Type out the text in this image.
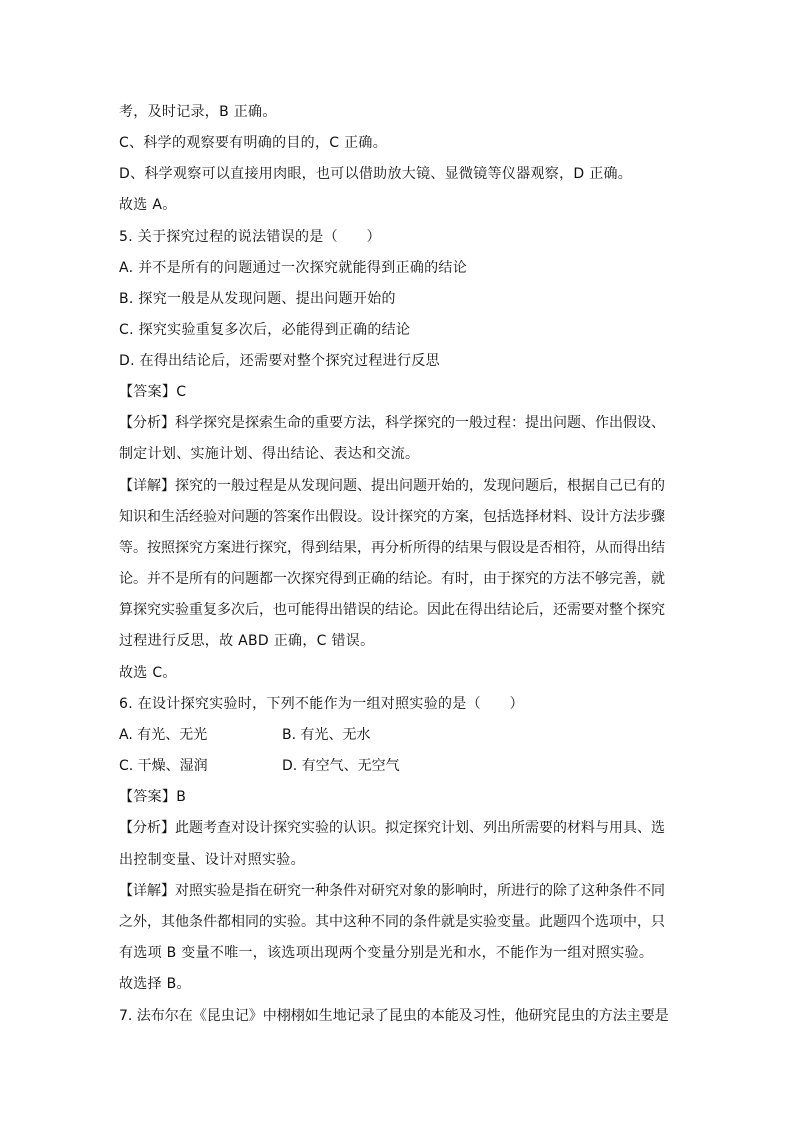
考，及时记录，B 正确。
C、科学的观察要有明确的目的，C 正确。
D、科学观察可以直接用肉眼，也可以借助放大镜、显微镜等仪器观察，D 正确。
故选 A。
5. 关于探究过程的说法错误的是（　　）
A. 并不是所有的问题通过一次探究就能得到正确的结论
B. 探究一般是从发现问题、提出问题开始的
C. 探究实验重复多次后，必能得到正确的结论
D. 在得出结论后，还需要对整个探究过程进行反思
【答案】C
【分析】科学探究是探索生命的重要方法，科学探究的一般过程：提出问题、作出假设、
制定计划、实施计划、得出结论、表达和交流。
【详解】探究的一般过程是从发现问题、提出问题开始的，发现问题后，根据自己已有的
知识和生活经验对问题的答案作出假设。设计探究的方案，包括选择材料、设计方法步骤
等。按照探究方案进行探究，得到结果，再分析所得的结果与假设是否相符，从而得出结
论。并不是所有的问题都一次探究得到正确的结论。有时，由于探究的方法不够完善，就
算探究实验重复多次后，也可能得出错误的结论。因此在得出结论后，还需要对整个探究
过程进行反思，故 ABD 正确，C 错误。
故选 C。
6. 在设计探究实验时，下列不能作为一组对照实验的是（　　）
A. 有光、无光	B. 有光、无水
C. 干燥、湿润	D. 有空气、无空气
【答案】B
【分析】此题考查对设计探究实验的认识。拟定探究计划、列出所需要的材料与用具、选
出控制变量、设计对照实验。
【详解】对照实验是指在研究一种条件对研究对象的影响时，所进行的除了这种条件不同
之外，其他条件都相同的实验。其中这种不同的条件就是实验变量。此题四个选项中，只
有选项 B 变量不唯一，该选项出现两个变量分别是光和水，不能作为一组对照实验。
故选择 B。
7. 法布尔在《昆虫记》中栩栩如生地记录了昆虫的本能及习性，他研究昆虫的方法主要是
